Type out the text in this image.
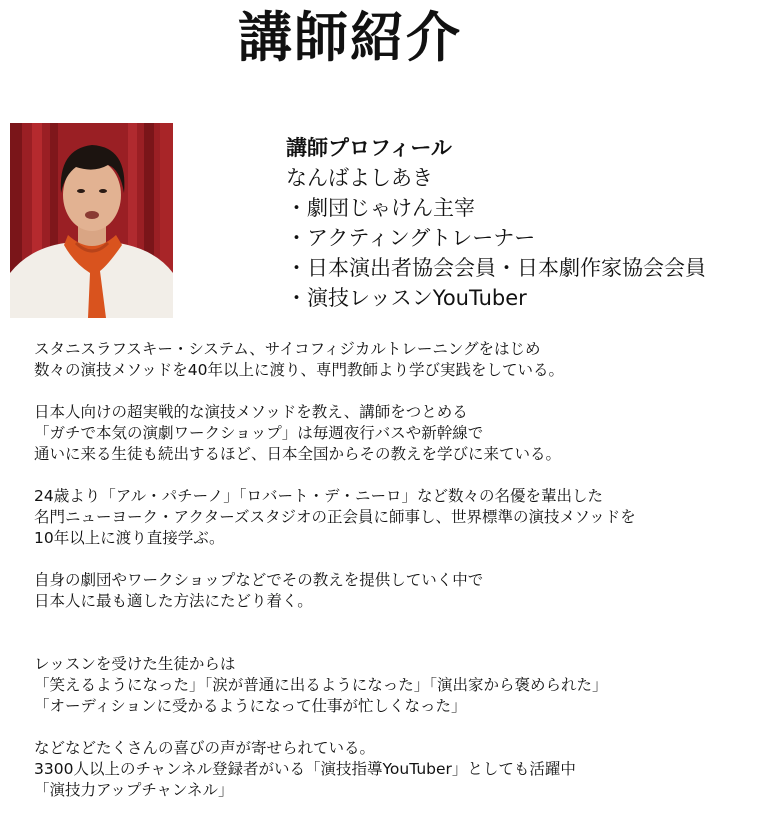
講師紹介

講師プロフィール

なんばよしあき

・劇団じゃけん主宰
・アクティングトレーナー
・日本演出者協会会員・日本劇作家協会会員
・演技レッスンYouTuber

スタニスラフスキー・システム、サイコフィジカルトレーニングをはじめ
数々の演技メソッドを40年以上に渡り、専門教師より学び実践をしている。

日本人向けの超実戦的な演技メソッドを教え、講師をつとめる
「ガチで本気の演劇ワークショップ」は毎週夜行バスや新幹線で
通いに来る生徒も続出するほど、日本全国からその教えを学びに来ている。

24歳より「アル・パチーノ」「ロバート・デ・ニーロ」など数々の名優を輩出した
名門ニューヨーク・アクターズスタジオの正会員に師事し、世界標準の演技メソッドを
10年以上に渡り直接学ぶ。

自身の劇団やワークショップなどでその教えを提供していく中で
日本人に最も適した方法にたどり着く。

レッスンを受けた生徒からは
「笑えるようになった」「涙が普通に出るようになった」「演出家から褒められた」
「オーディションに受かるようになって仕事が忙しくなった」

などなどたくさんの喜びの声が寄せられている。
3300人以上のチャンネル登録者がいる「演技指導YouTuber」としても活躍中
「演技力アップチャンネル」
